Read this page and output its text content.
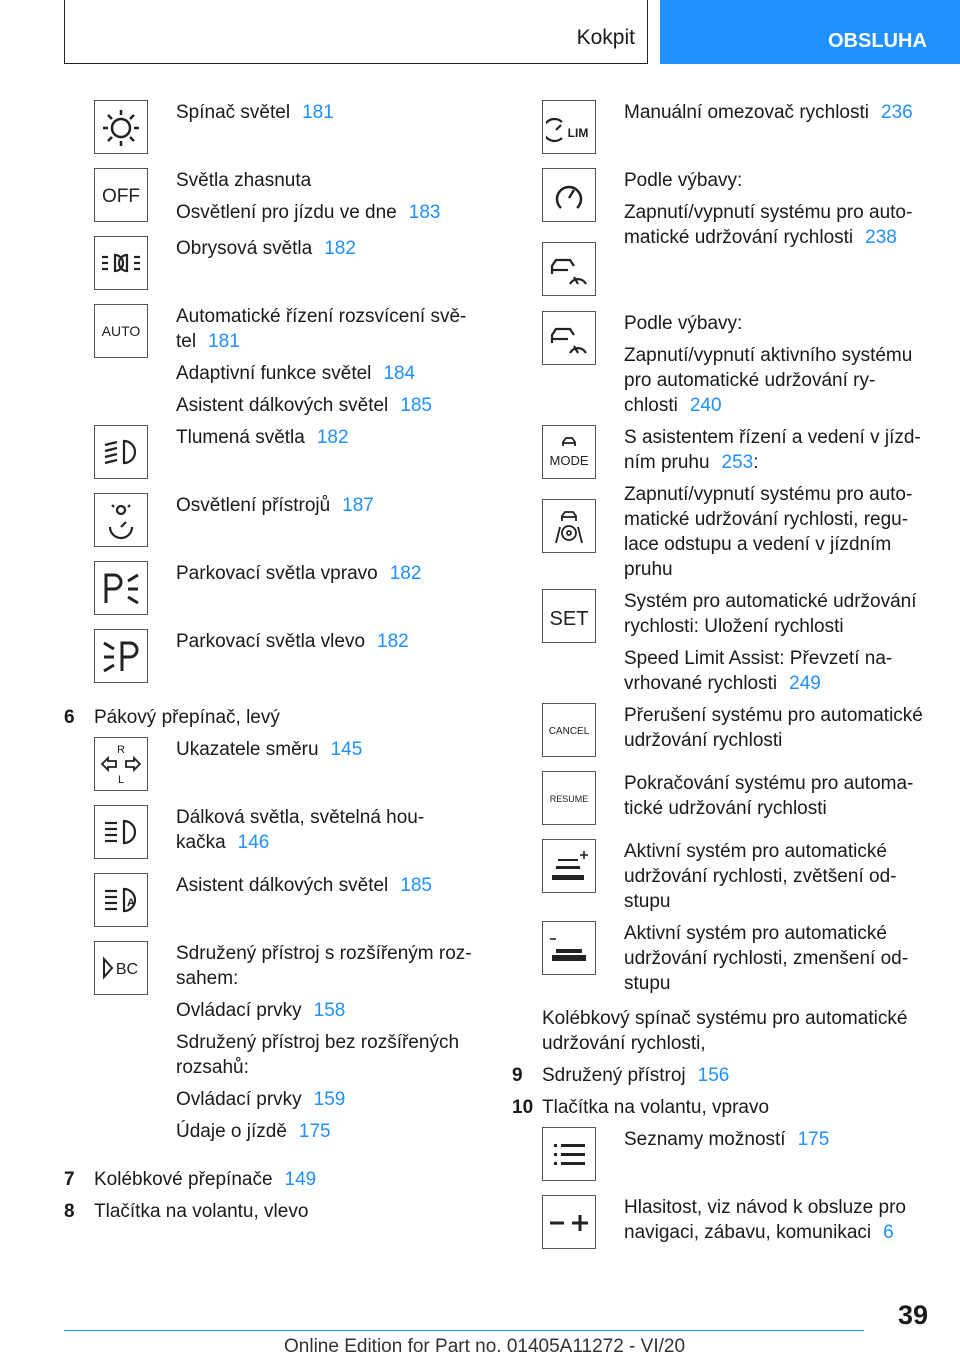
Kokpit	OBSLUHA

Spínač světel 181

OFF

Světla zhasnuta

Osvětlení pro jízdu ve dne 183

Obrysová světla 182

AUTO

Automatické řízení rozsvícení svě-tel 181

Adaptivní funkce světel 184

Asistent dálkových světel 185

Tlumená světla 182

Osvětlení přístrojů 187

Parkovací světla vpravo 182

Parkovací světla vlevo 182

6	Pákový přepínač, levý
R
L

Ukazatele směru 145

Dálková světla, světelná hou-kačka 146

A

Asistent dálkových světel 185

BC

Sdružený přístroj s rozšířeným roz-sahem:

Ovládací prvky 158

Sdružený přístroj bez rozšířených rozsahů:

Ovládací prvky 159

Údaje o jízdě 175

7	Kolébkové přepínače 149
8	Tlačítka na volantu, vlevo
LIM

Manuální omezovač rychlosti 236

Podle výbavy:

Zapnutí/vypnutí systému pro auto-matické udržování rychlosti 238

Podle výbavy:

Zapnutí/vypnutí aktivního systému pro automatické udržování ry-chlosti 240

MODE

S asistentem řízení a vedení v jízd-ním pruhu 253:

Zapnutí/vypnutí systému pro auto-matické udržování rychlosti, regu-lace odstupu a vedení v jízdním pruhu

SET

Systém pro automatické udržování rychlosti: Uložení rychlosti

Speed Limit Assist: Převzetí na-vrhované rychlosti 249

CANCEL

Přerušení systému pro automatické udržování rychlosti

RESUME

Pokračování systému pro automa-tické udržování rychlosti

Aktivní systém pro automatické udržování rychlosti, zvětšení od-stupu

Aktivní systém pro automatické udržování rychlosti, zmenšení od-stupu

Kolébkový spínač systému pro automatické udržování rychlosti,

9	Sdružený přístroj 156
10 Tlačítka na volantu, vpravo

Seznamy možností 175

Hlasitost, viz návod k obsluze pro navigaci, zábavu, komunikaci 6

39
Online Edition for Part no. 01405A11272 - VI/20
